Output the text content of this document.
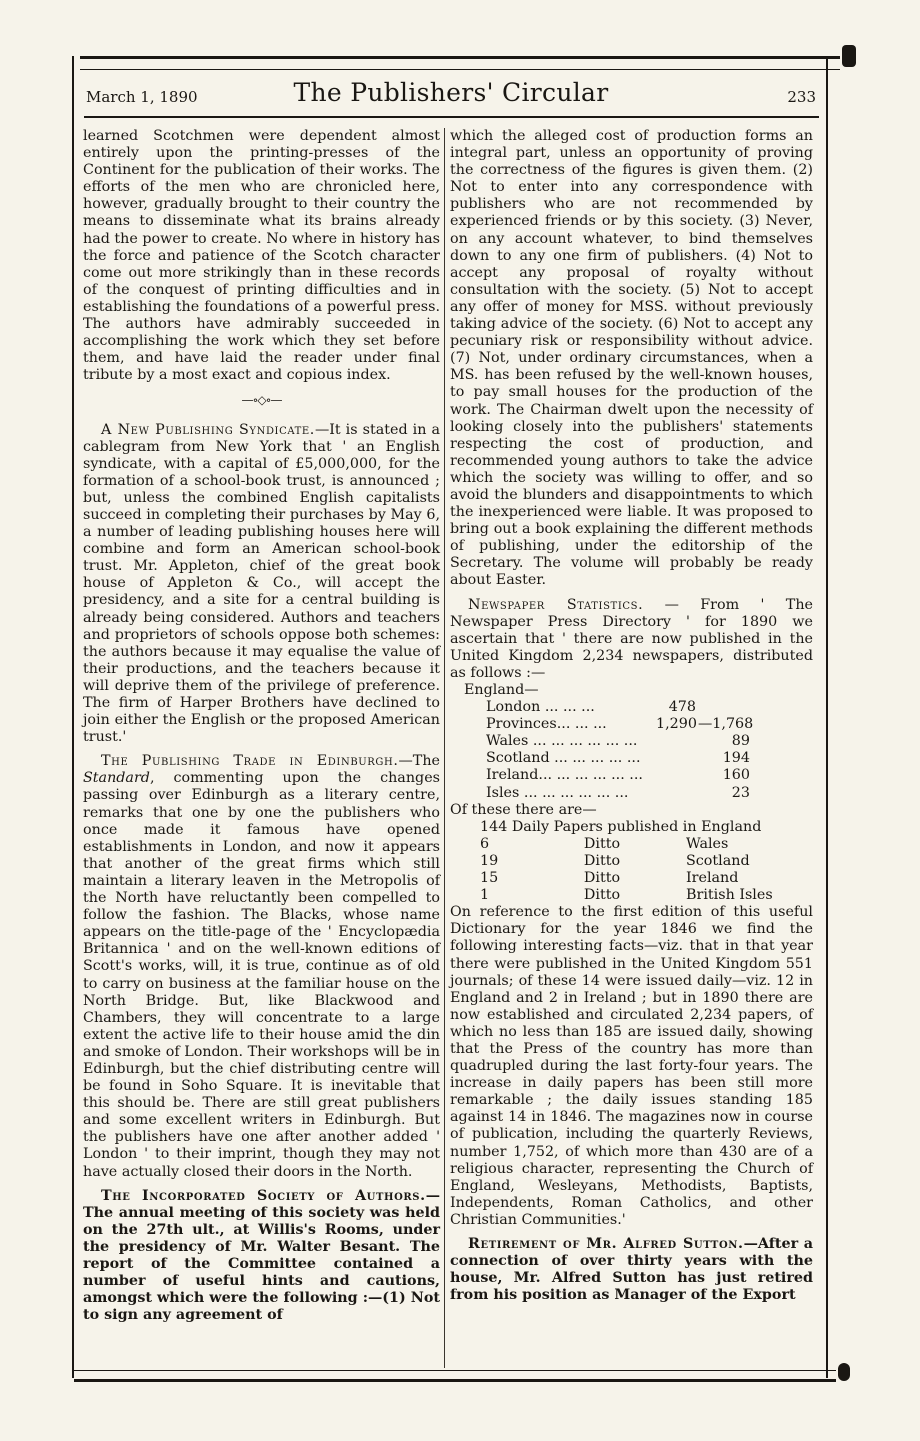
March 1, 1890	The Publishers' Circular	233

learned Scotchmen were dependent almost entirely upon the printing-presses of the Continent for the publication of their works. The efforts of the men who are chronicled here, however, gradually brought to their country the means to disseminate what its brains already had the power to create. No where in history has the force and patience of the Scotch character come out more strikingly than in these records of the conquest of printing difficulties and in establishing the foundations of a powerful press. The authors have admirably succeeded in accomplishing the work which they set before them, and have laid the reader under final tribute by a most exact and copious index.

—∘◇∘—

A New Publishing Syndicate.—It is stated in a cablegram from New York that ' an English syndicate, with a capital of £5,000,000, for the formation of a school-book trust, is announced ; but, unless the combined English capitalists succeed in completing their purchases by May 6, a number of leading publishing houses here will combine and form an American school-book trust. Mr. Appleton, chief of the great book house of Appleton & Co., will accept the presidency, and a site for a central building is already being considered. Authors and teachers and proprietors of schools oppose both schemes: the authors because it may equalise the value of their productions, and the teachers because it will deprive them of the privilege of preference. The firm of Harper Brothers have declined to join either the English or the proposed American trust.'

The Publishing Trade in Edinburgh.—The Standard, commenting upon the changes passing over Edinburgh as a literary centre, remarks that one by one the publishers who once made it famous have opened establishments in London, and now it appears that another of the great firms which still maintain a literary leaven in the Metropolis of the North have reluctantly been compelled to follow the fashion. The Blacks, whose name appears on the title-page of the ' Encyclopædia Britannica ' and on the well-known editions of Scott's works, will, it is true, continue as of old to carry on business at the familiar house on the North Bridge. But, like Blackwood and Chambers, they will concentrate to a large extent the active life to their house amid the din and smoke of London. Their workshops will be in Edinburgh, but the chief distributing centre will be found in Soho Square. It is inevitable that this should be. There are still great publishers and some excellent writers in Edinburgh. But the publishers have one after another added ' London ' to their imprint, though they may not have actually closed their doors in the North.

The Incorporated Society of Authors.—The annual meeting of this society was held on the 27th ult., at Willis's Rooms, under the presidency of Mr. Walter Besant. The report of the Committee contained a number of useful hints and cautions, amongst which were the following :—(1) Not to sign any agreement of

which the alleged cost of production forms an integral part, unless an opportunity of proving the correctness of the figures is given them. (2) Not to enter into any correspondence with publishers who are not recommended by experienced friends or by this society. (3) Never, on any account whatever, to bind themselves down to any one firm of publishers. (4) Not to accept any proposal of royalty without consultation with the society. (5) Not to accept any offer of money for MSS. without previously taking advice of the society. (6) Not to accept any pecuniary risk or responsibility without advice. (7) Not, under ordinary circumstances, when a MS. has been refused by the well-known houses, to pay small houses for the production of the work. The Chairman dwelt upon the necessity of looking closely into the publishers' statements respecting the cost of production, and recommended young authors to take the advice which the society was willing to offer, and so avoid the blunders and disappointments to which the inexperienced were liable. It was proposed to bring out a book explaining the different methods of publishing, under the editorship of the Secretary. The volume will probably be ready about Easter.

Newspaper Statistics. — From ' The Newspaper Press Directory ' for 1890 we ascertain that ' there are now published in the United Kingdom 2,234 newspapers, distributed as follows :—

England—
London ... ... ...	478
Provinces... ... ...	1,290 —1,768
Wales ... ... ... ... ... ...	89
Scotland ... ... ... ... ...	194
Ireland... ... ... ... ... ...	160
Isles ... ... ... ... ... ...	23
Of these there are—
144 Daily Papers published in England
6	Ditto	Wales
19	Ditto	Scotland
15	Ditto	Ireland
1	Ditto	British Isles

On reference to the first edition of this useful Dictionary for the year 1846 we find the following interesting facts—viz. that in that year there were published in the United Kingdom 551 journals; of these 14 were issued daily—viz. 12 in England and 2 in Ireland ; but in 1890 there are now established and circulated 2,234 papers, of which no less than 185 are issued daily, showing that the Press of the country has more than quadrupled during the last forty-four years. The increase in daily papers has been still more remarkable ; the daily issues standing 185 against 14 in 1846. The magazines now in course of publication, including the quarterly Reviews, number 1,752, of which more than 430 are of a religious character, representing the Church of England, Wesleyans, Methodists, Baptists, Independents, Roman Catholics, and other Christian Communities.'

Retirement of Mr. Alfred Sutton.—After a connection of over thirty years with the house, Mr. Alfred Sutton has just retired from his position as Manager of the Export
